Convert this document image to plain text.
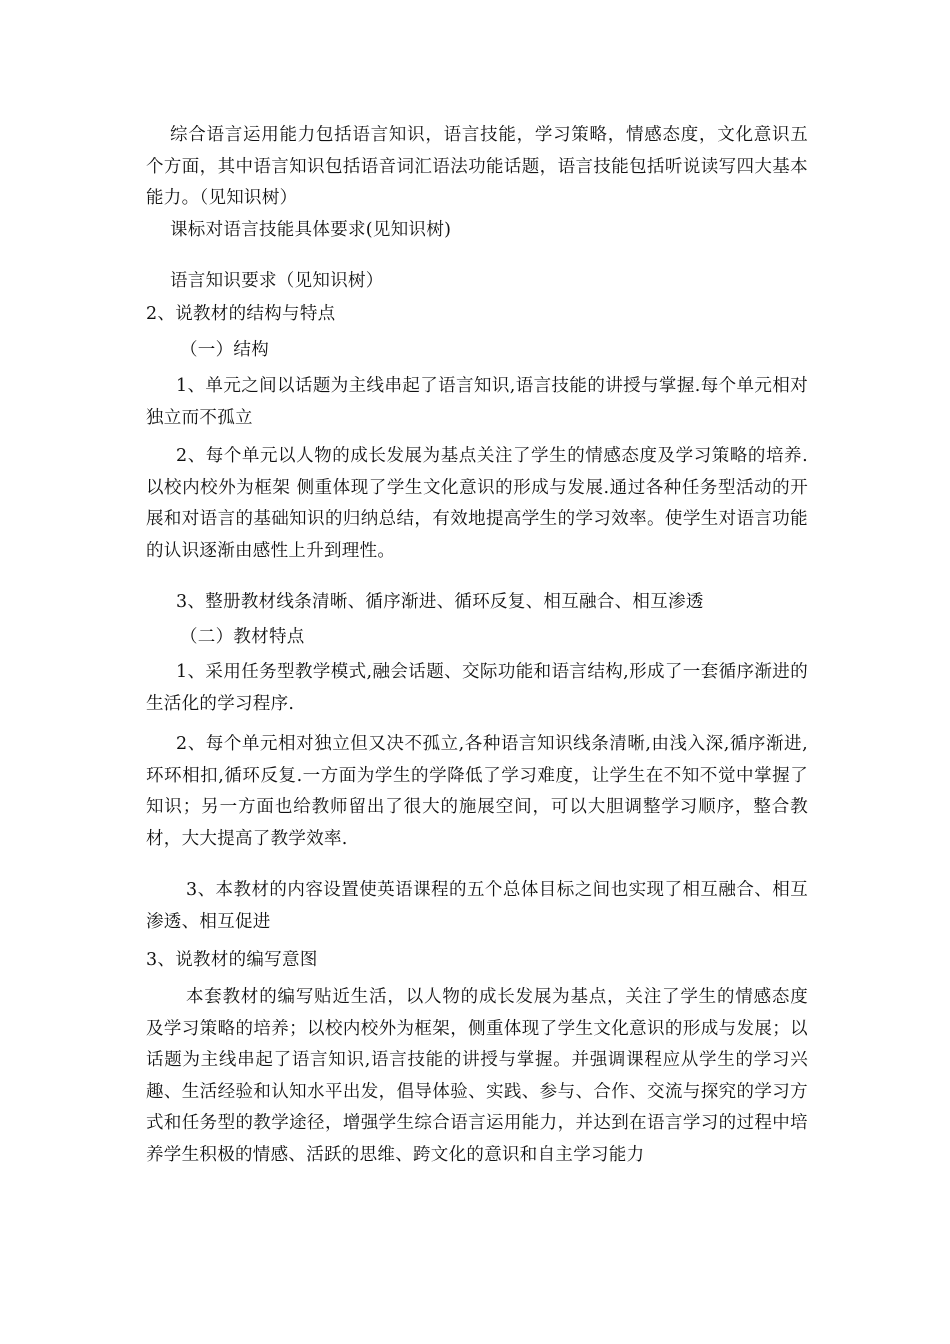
综合语言运用能力包括语言知识，语言技能，学习策略，情感态度，文化意识五个方面，其中语言知识包括语音词汇语法功能话题，语言技能包括听说读写四大基本能力。（见知识树）

课标对语言技能具体要求(见知识树)

语言知识要求（见知识树）

2、说教材的结构与特点

（一）结构

1、单元之间以话题为主线串起了语言知识,语言技能的讲授与掌握.每个单元相对独立而不孤立

2、每个单元以人物的成长发展为基点关注了学生的情感态度及学习策略的培养. 以校内校外为框架 侧重体现了学生文化意识的形成与发展.通过各种任务型活动的开展和对语言的基础知识的归纳总结，有效地提高学生的学习效率。使学生对语言功能的认识逐渐由感性上升到理性。

3、整册教材线条清晰、循序渐进、循环反复、相互融合、相互渗透

（二）教材特点

1、采用任务型教学模式,融会话题、交际功能和语言结构,形成了一套循序渐进的生活化的学习程序.

2、每个单元相对独立但又决不孤立,各种语言知识线条清晰,由浅入深,循序渐进,环环相扣,循环反复.一方面为学生的学降低了学习难度，让学生在不知不觉中掌握了知识；另一方面也给教师留出了很大的施展空间，可以大胆调整学习顺序，整合教材，大大提高了教学效率.

3、本教材的内容设置使英语课程的五个总体目标之间也实现了相互融合、相互渗透、相互促进

3、说教材的编写意图

本套教材的编写贴近生活，以人物的成长发展为基点，关注了学生的情感态度及学习策略的培养；以校内校外为框架，侧重体现了学生文化意识的形成与发展；以话题为主线串起了语言知识,语言技能的讲授与掌握。并强调课程应从学生的学习兴趣、生活经验和认知水平出发，倡导体验、实践、参与、合作、交流与探究的学习方式和任务型的教学途径，增强学生综合语言运用能力，并达到在语言学习的过程中培养学生积极的情感、活跃的思维、跨文化的意识和自主学习能力
